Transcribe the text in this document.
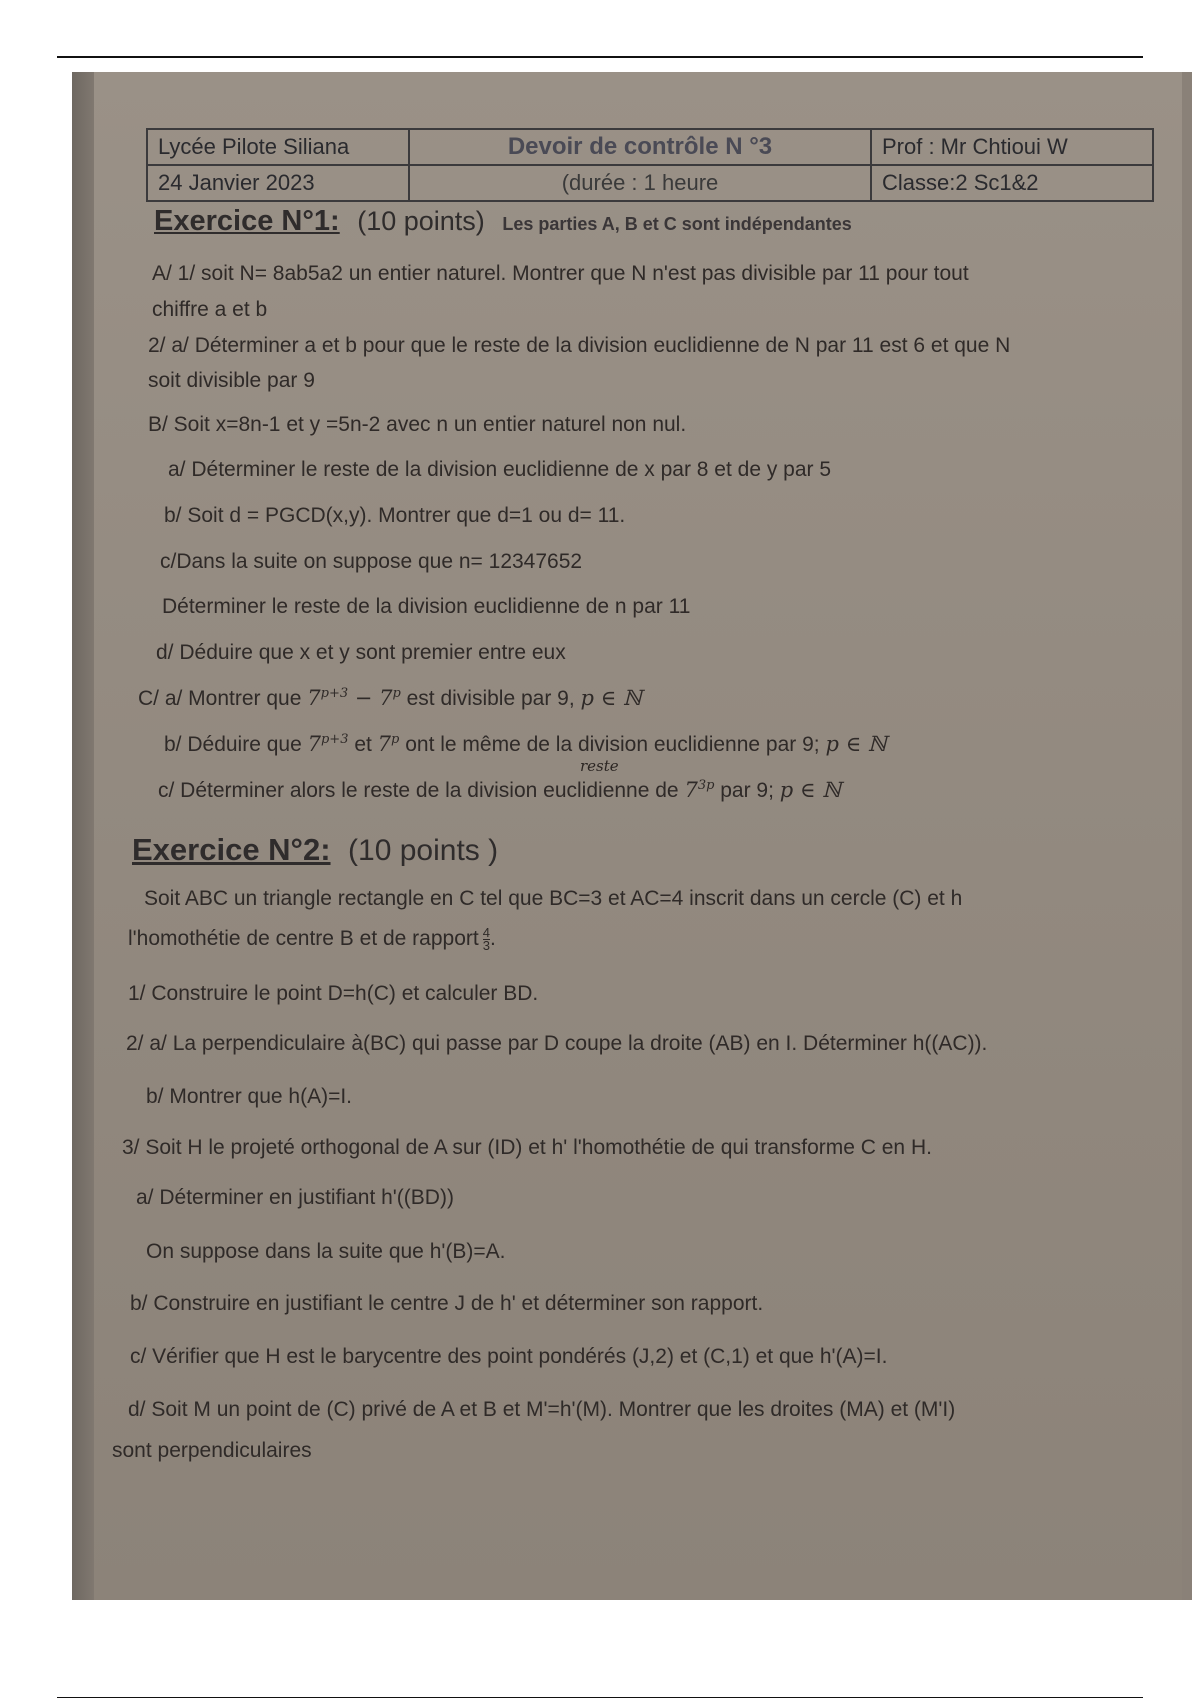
Lycée Pilote Siliana	Devoir de contrôle N °3	Prof : Mr Chtioui W
24 Janvier 2023	(durée : 1 heure	Classe:2 Sc1&2
Exercice N°1: (10 points) Les parties A, B et C sont indépendantes
A/ 1/ soit N= 8ab5a2 un entier naturel. Montrer que N n'est pas divisible par 11 pour tout
chiffre a et b
2/ a/ Déterminer a et b pour que le reste de la division euclidienne de N par 11 est 6 et que N
soit divisible par 9
B/ Soit x=8n-1 et y =5n-2 avec n un entier naturel non nul.
a/ Déterminer le reste de la division euclidienne de x par 8 et de y par 5
b/ Soit d = PGCD(x,y). Montrer que d=1 ou d= 11.
c/Dans la suite on suppose que n= 12347652
Déterminer le reste de la division euclidienne de n par 11
d/ Déduire que x et y sont premier entre eux
C/ a/ Montrer que $7^{p+3} - 7^p$ est divisible par 9, p ∈ ℕ
b/ Déduire que $7^{p+3}$ et 7$^p$ ont le même de la division euclidienne par 9; p ∈ ℕ
reste
c/ Déterminer alors le reste de la division euclidienne de $7^{3p}$ par 9; p ∈ ℕ
Exercice N°2: (10 points )
Soit ABC un triangle rectangle en C tel que BC=3 et AC=4 inscrit dans un cercle (C) et h
l'homothétie de centre B et de rapport $\frac{4}{3}$ .
1/ Construire le point D=h(C) et calculer BD.
2/ a/ La perpendiculaire à(BC) qui passe par D coupe la droite (AB) en I. Déterminer h((AC)).
b/ Montrer que h(A)=I.
3/ Soit H le projeté orthogonal de A sur (ID) et h' l'homothétie de qui transforme C en H.
a/ Déterminer en justifiant h'((BD))
On suppose dans la suite que h'(B)=A.
b/ Construire en justifiant le centre J de h' et déterminer son rapport.
c/ Vérifier que H est le barycentre des point pondérés (J,2) et (C,1) et que h'(A)=I.
d/ Soit M un point de (C) privé de A et B et M'=h'(M). Montrer que les droites (MA) et (M'I)
sont perpendiculaires
